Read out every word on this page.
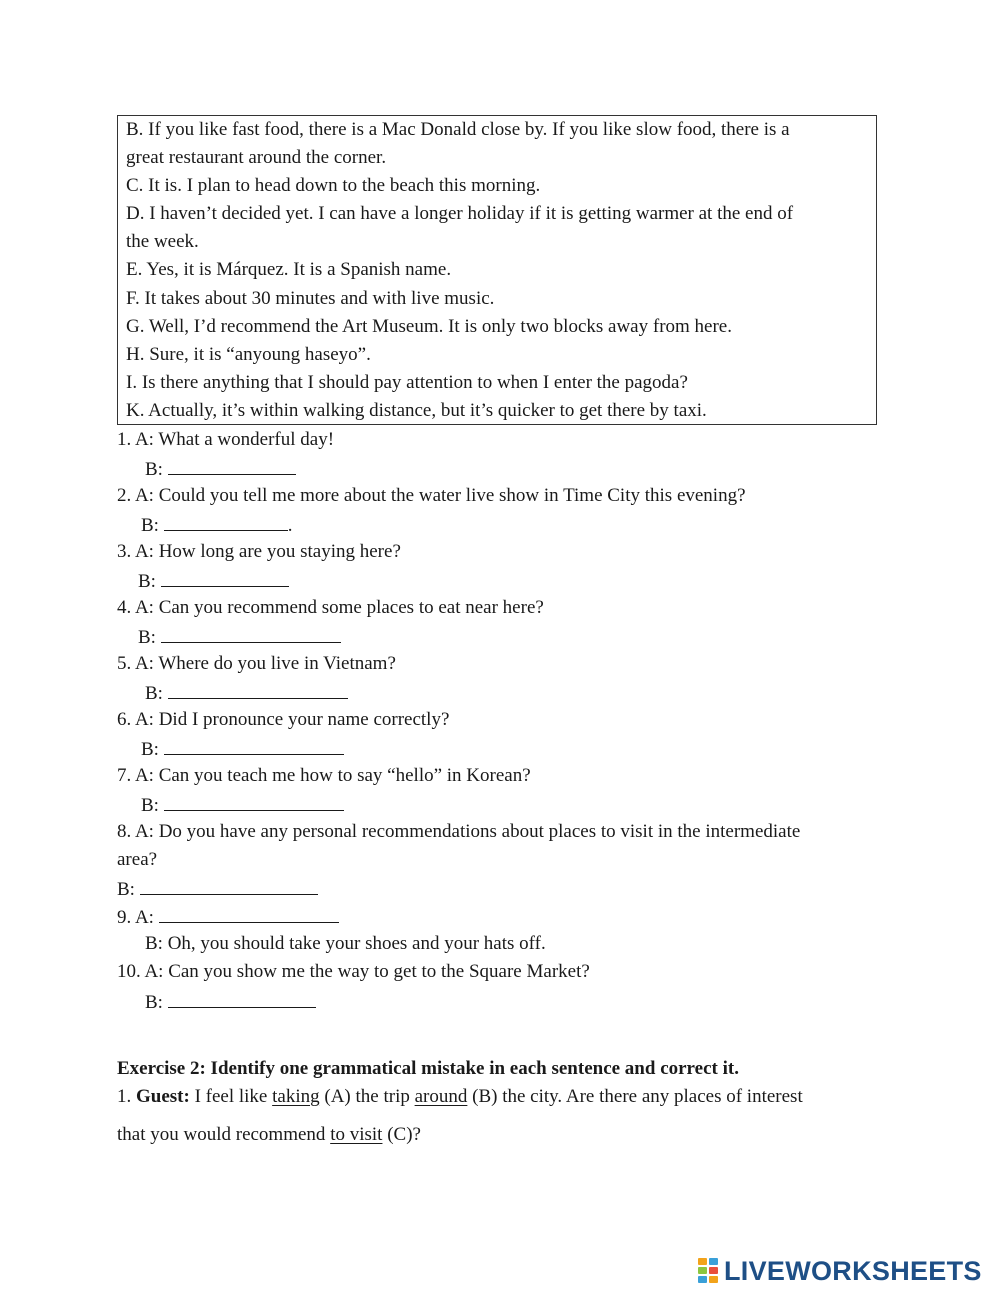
B. If you like fast food, there is a Mac Donald close by. If you like slow food, there is a
great restaurant around the corner.
C. It is. I plan to head down to the beach this morning.
D. I haven’t decided yet. I can have a longer holiday if it is getting warmer at the end of
the week.
E. Yes, it is Márquez. It is a Spanish name.
F. It takes about 30 minutes and with live music.
G. Well, I’d recommend the Art Museum. It is only two blocks away from here.
H. Sure, it is “anyoung haseyo”.
I. Is there anything that I should pay attention to when I enter the pagoda?
K. Actually, it’s within walking distance, but it’s quicker to get there by taxi.
1. A: What a wonderful day!
B:
2. A: Could you tell me more about the water live show in Time City this evening?
B:	.
3. A: How long are you staying here?
B:
4. A: Can you recommend some places to eat near here?
B:
5. A: Where do you live in Vietnam?
B:
6. A: Did I pronounce your name correctly?
B:
7. A: Can you teach me how to say “hello” in Korean?
B:
8. A: Do you have any personal recommendations about places to visit in the intermediate
area?
B:
9. A:
B: Oh, you should take your shoes and your hats off.
10. A: Can you show me the way to get to the Square Market?
B:
Exercise 2: Identify one grammatical mistake in each sentence and correct it.
1. Guest: I feel like taking (A) the trip around (B) the city. Are there any places of interest
that you would recommend to visit (C)?
LIVEWORKSHEETS
